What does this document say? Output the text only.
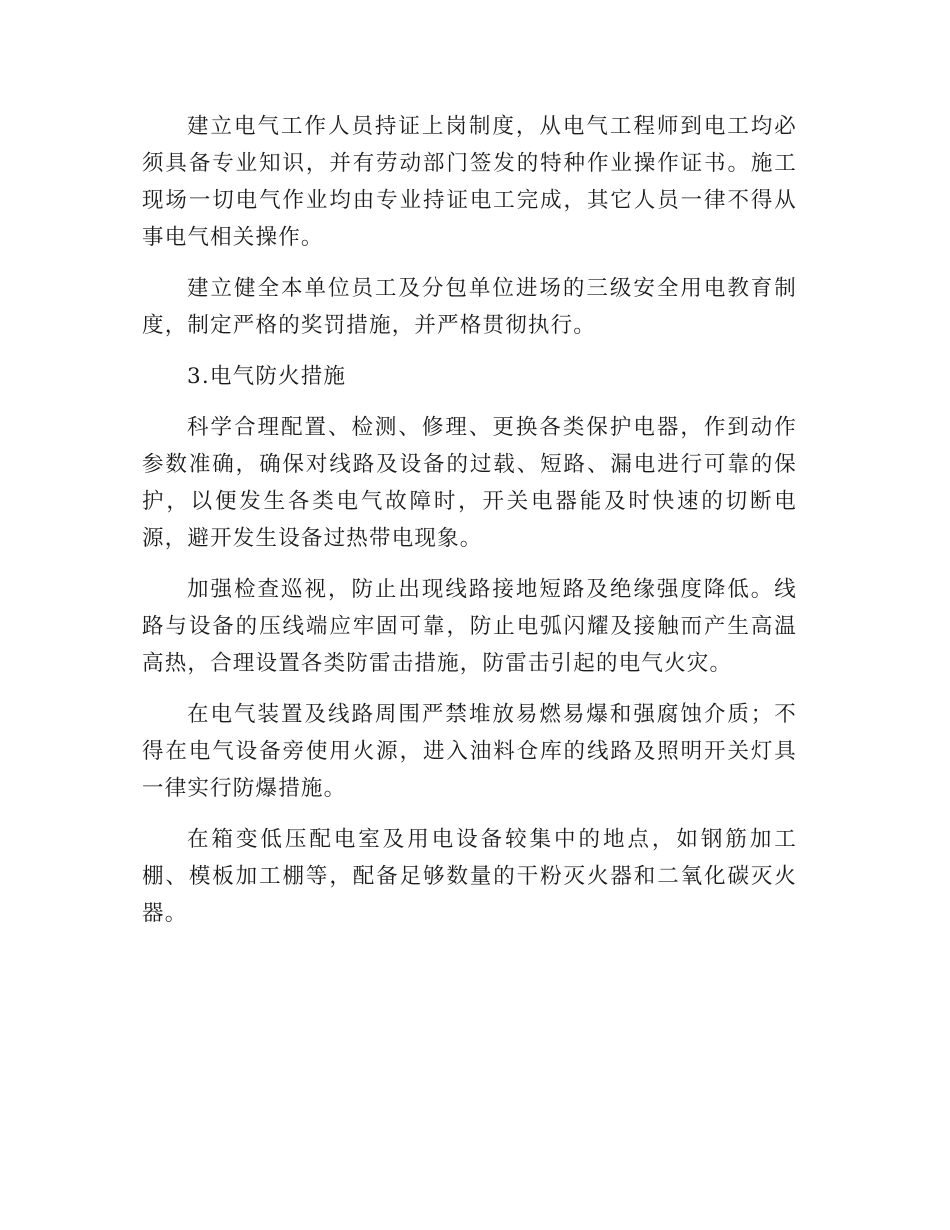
建立电气工作人员持证上岗制度，从电气工程师到电工均必须具备专业知识，并有劳动部门签发的特种作业操作证书。施工现场一切电气作业均由专业持证电工完成，其它人员一律不得从事电气相关操作。

建立健全本单位员工及分包单位进场的三级安全用电教育制度，制定严格的奖罚措施，并严格贯彻执行。

3.电气防火措施

科学合理配置、检测、修理、更换各类保护电器，作到动作参数准确，确保对线路及设备的过载、短路、漏电进行可靠的保护，以便发生各类电气故障时，开关电器能及时快速的切断电源，避开发生设备过热带电现象。

加强检查巡视，防止出现线路接地短路及绝缘强度降低。线路与设备的压线端应牢固可靠，防止电弧闪耀及接触而产生高温高热，合理设置各类防雷击措施，防雷击引起的电气火灾。

在电气装置及线路周围严禁堆放易燃易爆和强腐蚀介质；不得在电气设备旁使用火源，进入油料仓库的线路及照明开关灯具一律实行防爆措施。

在箱变低压配电室及用电设备较集中的地点，如钢筋加工棚、模板加工棚等，配备足够数量的干粉灭火器和二氧化碳灭火器。
